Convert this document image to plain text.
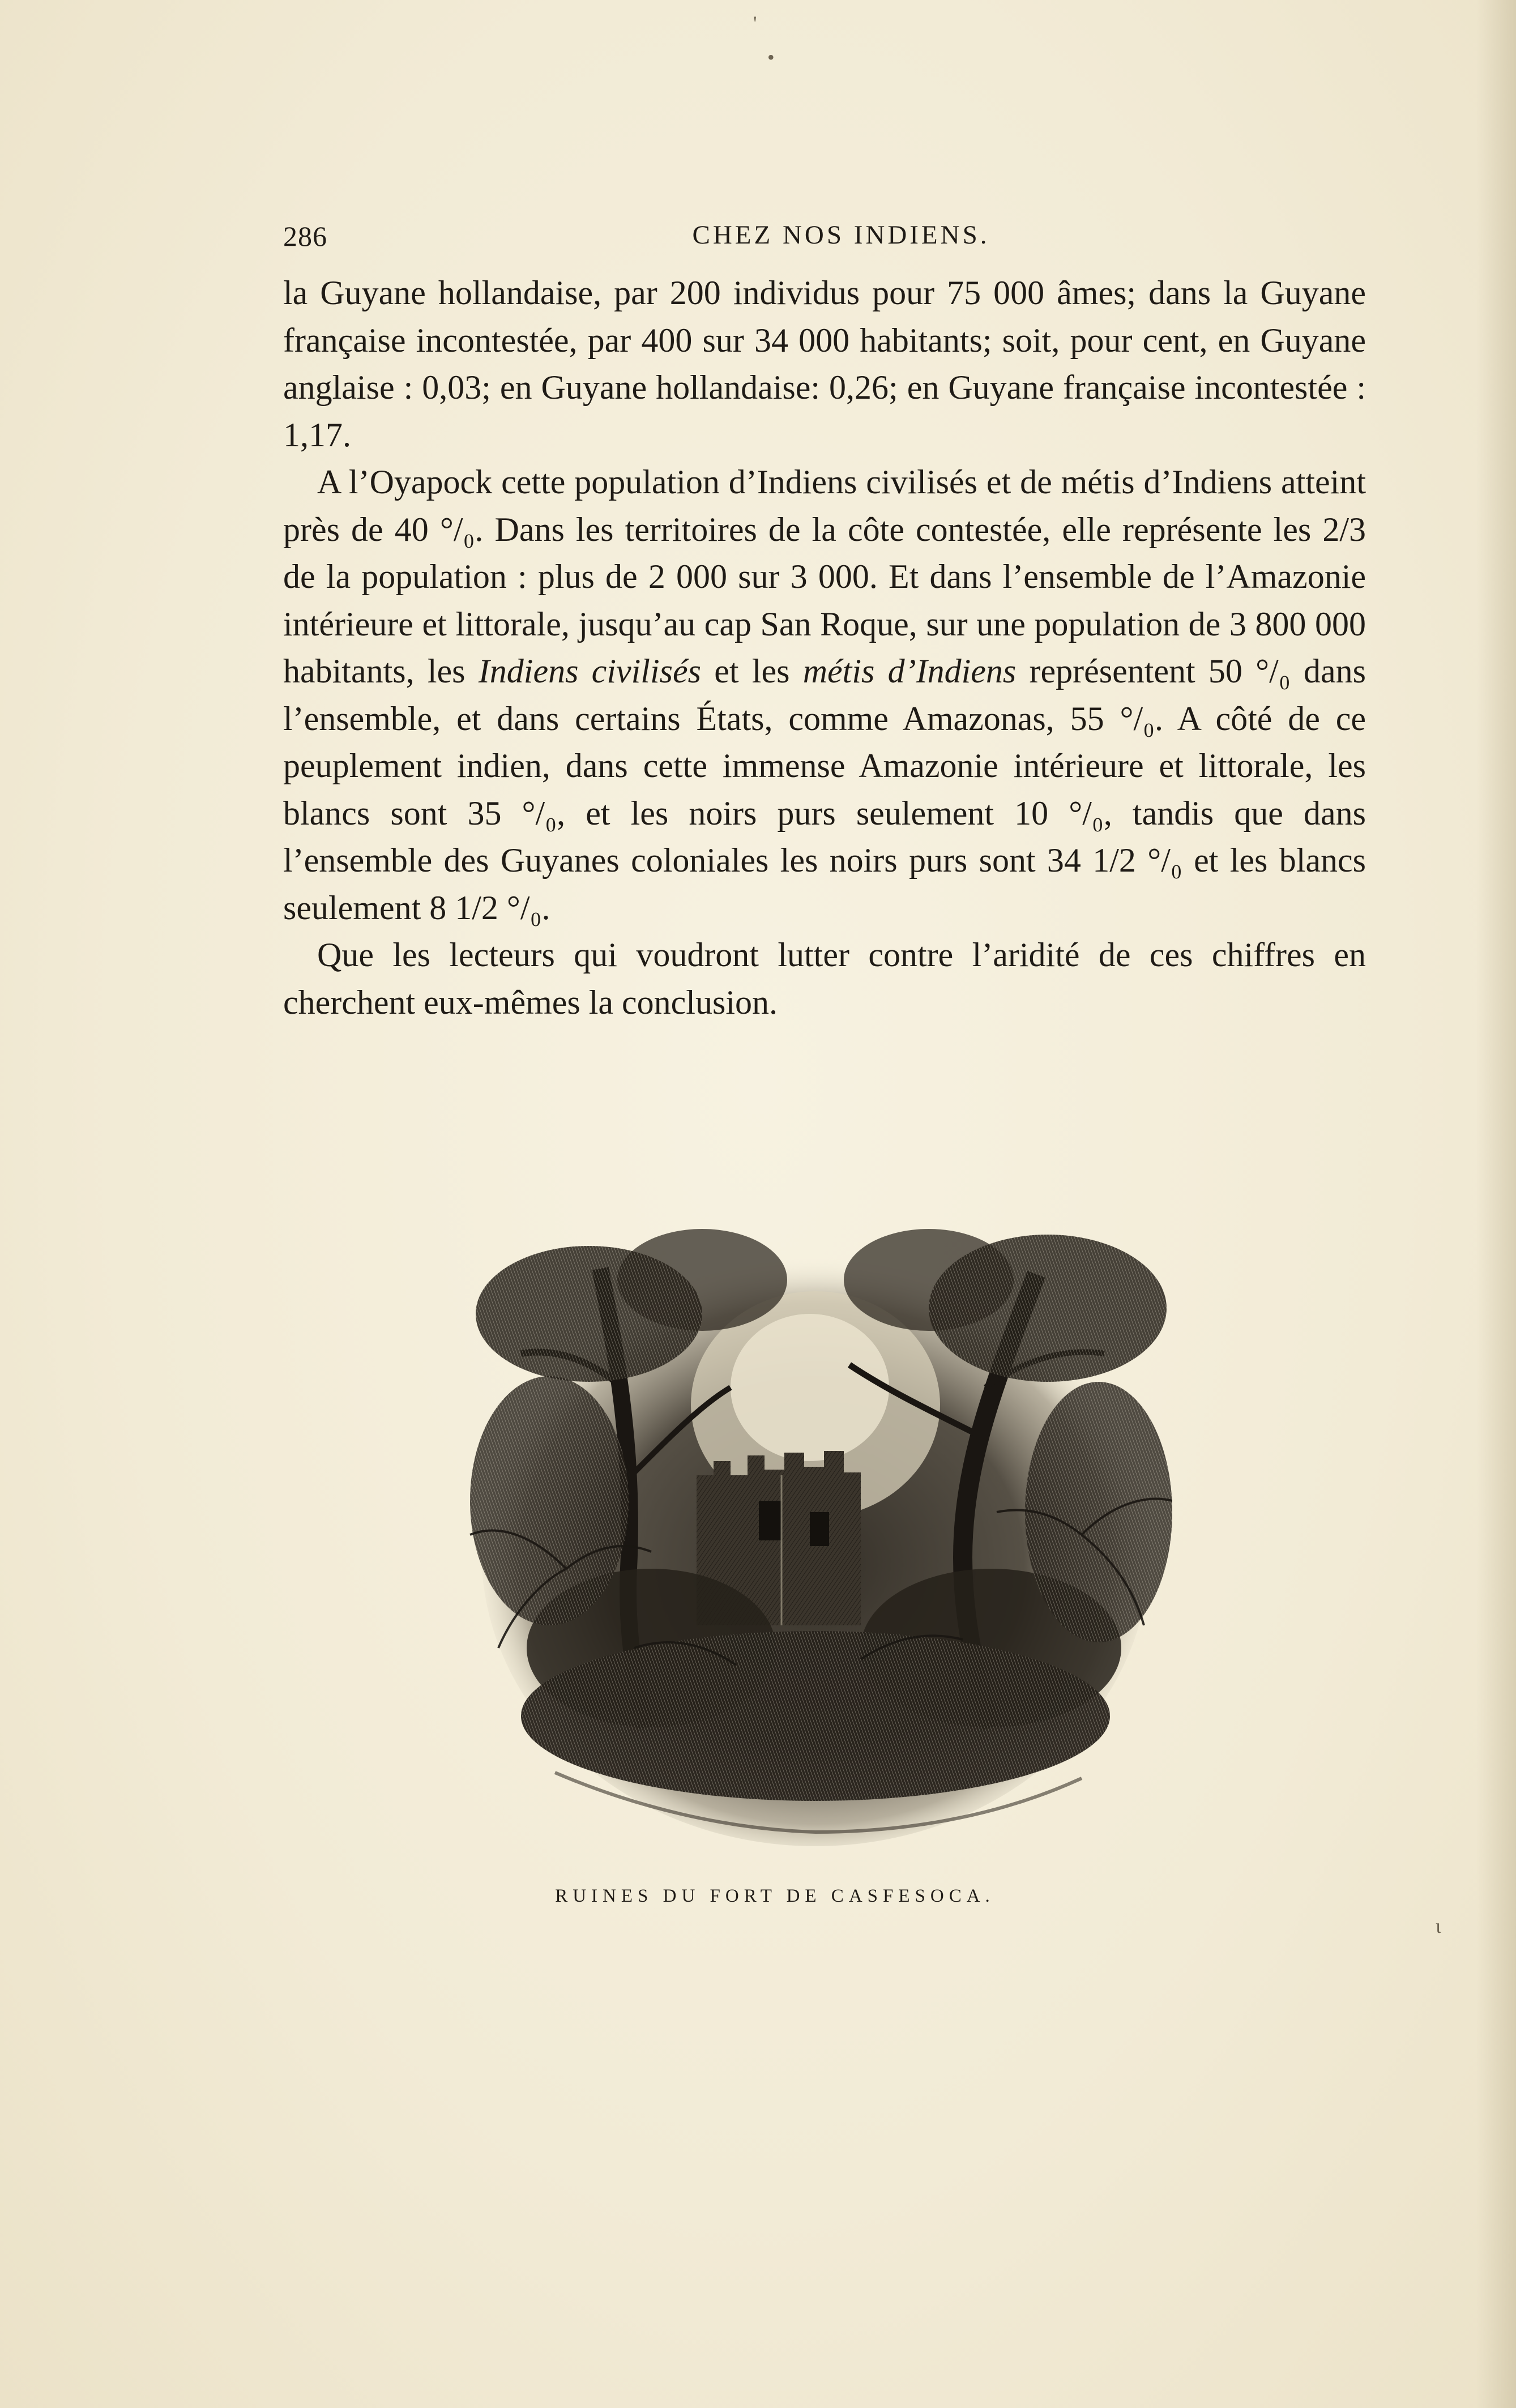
286	CHEZ NOS INDIENS.

la Guyane hollandaise, par 200 individus pour 75 000 âmes; dans la Guyane française incontestée, par 400 sur 34 000 habitants; soit, pour cent, en Guyane anglaise : 0,03; en Guyane hollandaise: 0,26; en Guyane française incontestée : 1,17.

A l’Oyapock cette population d’Indiens civilisés et de métis d’Indiens atteint près de 40 °/₀. Dans les territoires de la côte contestée, elle représente les 2/3 de la population : plus de 2 000 sur 3 000. Et dans l’ensemble de l’Amazonie intérieure et littorale, jusqu’au cap San Roque, sur une population de 3 800 000 habitants, les Indiens civilisés et les métis d’Indiens représentent 50 °/₀ dans l’ensemble, et dans certains États, comme Amazonas, 55 °/₀. A côté de ce peuplement indien, dans cette immense Amazonie intérieure et littorale, les blancs sont 35 °/₀, et les noirs purs seulement 10 °/₀, tandis que dans l’ensemble des Guyanes coloniales les noirs purs sont 34 1/2 °/₀ et les blancs seulement 8 1/2 °/₀.

Que les lecteurs qui voudront lutter contre l’aridité de ces chiffres en cherchent eux-mêmes la conclusion.

RUINES DU FORT DE CASFESOCA.
'
•
ɩ
